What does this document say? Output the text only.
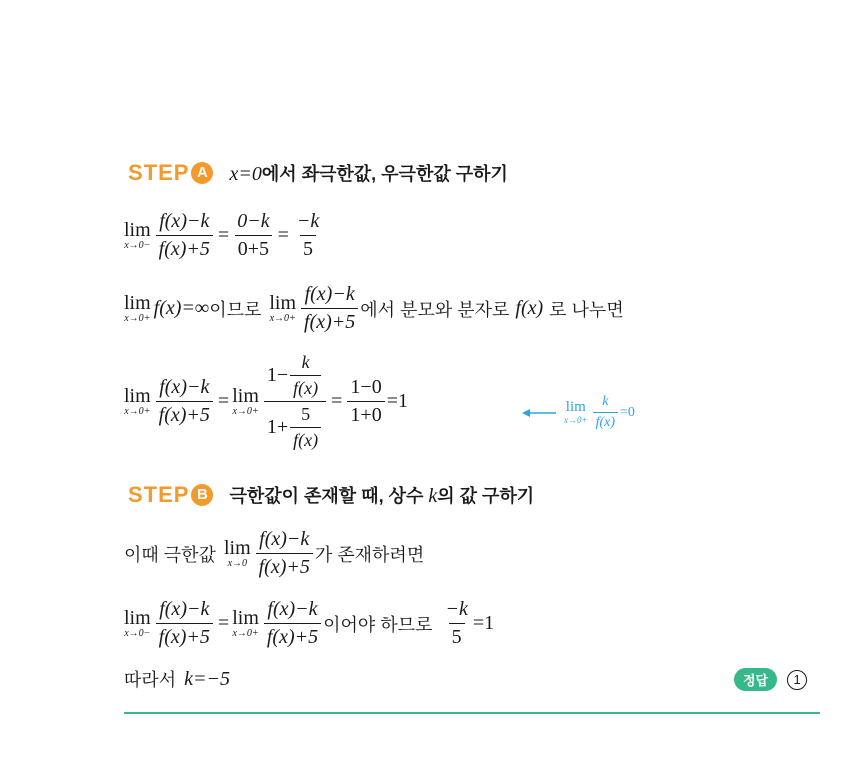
STEP A x=0에서 좌극한값, 우극한값 구하기
lim
$x\to 0- \frac{f(x)-k}{f(x)+5} = \frac{0-k}{0+5} = \frac{-k}{5}$
lim
x→0+ f(x)=∞ 이므로 lim
$x\to 0+ \frac{f(x)-k}{f(x)+5}$ 에서 분모와 분자로 f(x) 로 나누면
lim
$x\to 0+ \frac{f(x)-k}{f(x)+5} = \lim$
$x\to 0+ \frac{1- \frac{k}{f(x)}}{1+ \frac{5}{f(x)}} = \frac{1-0}{1+0} =1$	lim
$x\to 0+ \frac{k}{f(x)} =0$
STEP B	극한값이 존재할 때, 상수 k의 값 구하기
이때 극한값 lim
$x\to 0 \frac{f(x)-k}{f(x)+5}$ 가 존재하려면
lim
$x\to 0- \frac{f(x)-k}{f(x)+5} = \lim$
$x\to 0+ \frac{f(x)-k}{f(x)+5}$ 이어야 하므로 $\frac{-k}{5} =1$
따라서 k=−5	정답	1
